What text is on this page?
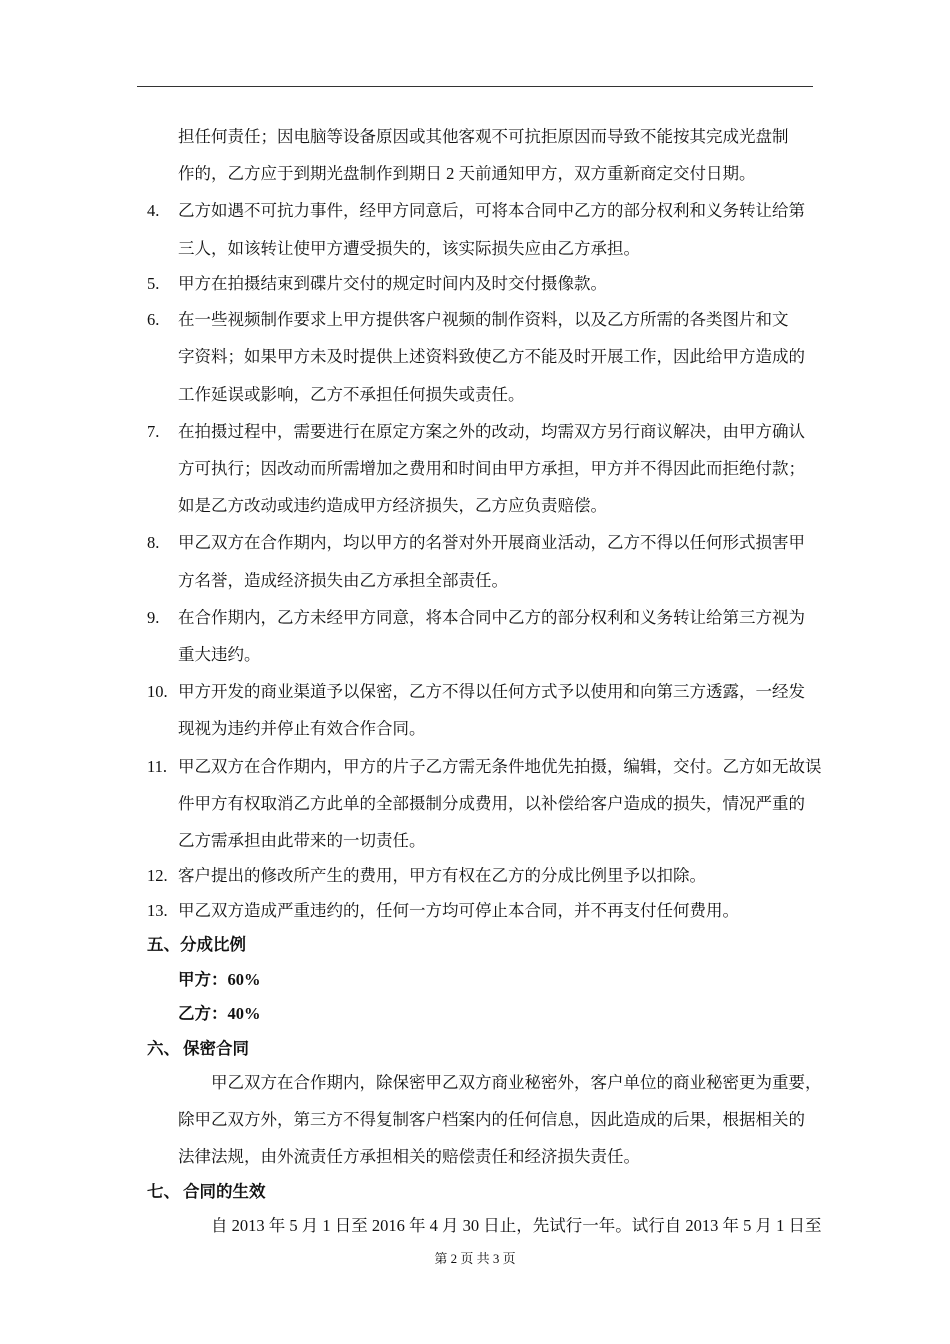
担任何责任；因电脑等设备原因或其他客观不可抗拒原因而导致不能按其完成光盘制
作的，乙方应于到期光盘制作到期日 2 天前通知甲方，双方重新商定交付日期。
4. 乙方如遇不可抗力事件，经甲方同意后，可将本合同中乙方的部分权利和义务转让给第
三人，如该转让使甲方遭受损失的，该实际损失应由乙方承担。
5. 甲方在拍摄结束到碟片交付的规定时间内及时交付摄像款。
6. 在一些视频制作要求上甲方提供客户视频的制作资料，以及乙方所需的各类图片和文
字资料；如果甲方未及时提供上述资料致使乙方不能及时开展工作，因此给甲方造成的
工作延误或影响，乙方不承担任何损失或责任。
7. 在拍摄过程中，需要进行在原定方案之外的改动，均需双方另行商议解决，由甲方确认
方可执行；因改动而所需增加之费用和时间由甲方承担，甲方并不得因此而拒绝付款；
如是乙方改动或违约造成甲方经济损失，乙方应负责赔偿。
8. 甲乙双方在合作期内，均以甲方的名誉对外开展商业活动，乙方不得以任何形式损害甲
方名誉，造成经济损失由乙方承担全部责任。
9. 在合作期内，乙方未经甲方同意，将本合同中乙方的部分权利和义务转让给第三方视为
重大违约。
10. 甲方开发的商业渠道予以保密，乙方不得以任何方式予以使用和向第三方透露，一经发
现视为违约并停止有效合作合同。
11. 甲乙双方在合作期内，甲方的片子乙方需无条件地优先拍摄，编辑，交付。乙方如无故误
件甲方有权取消乙方此单的全部摄制分成费用，以补偿给客户造成的损失，情况严重的
乙方需承担由此带来的一切责任。
12. 客户提出的修改所产生的费用，甲方有权在乙方的分成比例里予以扣除。
13. 甲乙双方造成严重违约的，任何一方均可停止本合同，并不再支付任何费用。
五、分成比例
甲方：60%
乙方：40%
六、 保密合同
甲乙双方在合作期内，除保密甲乙双方商业秘密外，客户单位的商业秘密更为重要，
除甲乙双方外，第三方不得复制客户档案内的任何信息，因此造成的后果，根据相关的
法律法规，由外流责任方承担相关的赔偿责任和经济损失责任。
七、 合同的生效
自 2013 年 5 月 1 日至 2016 年 4 月 30 日止，先试行一年。试行自 2013 年 5 月 1 日至
第 2 页 共 3 页
